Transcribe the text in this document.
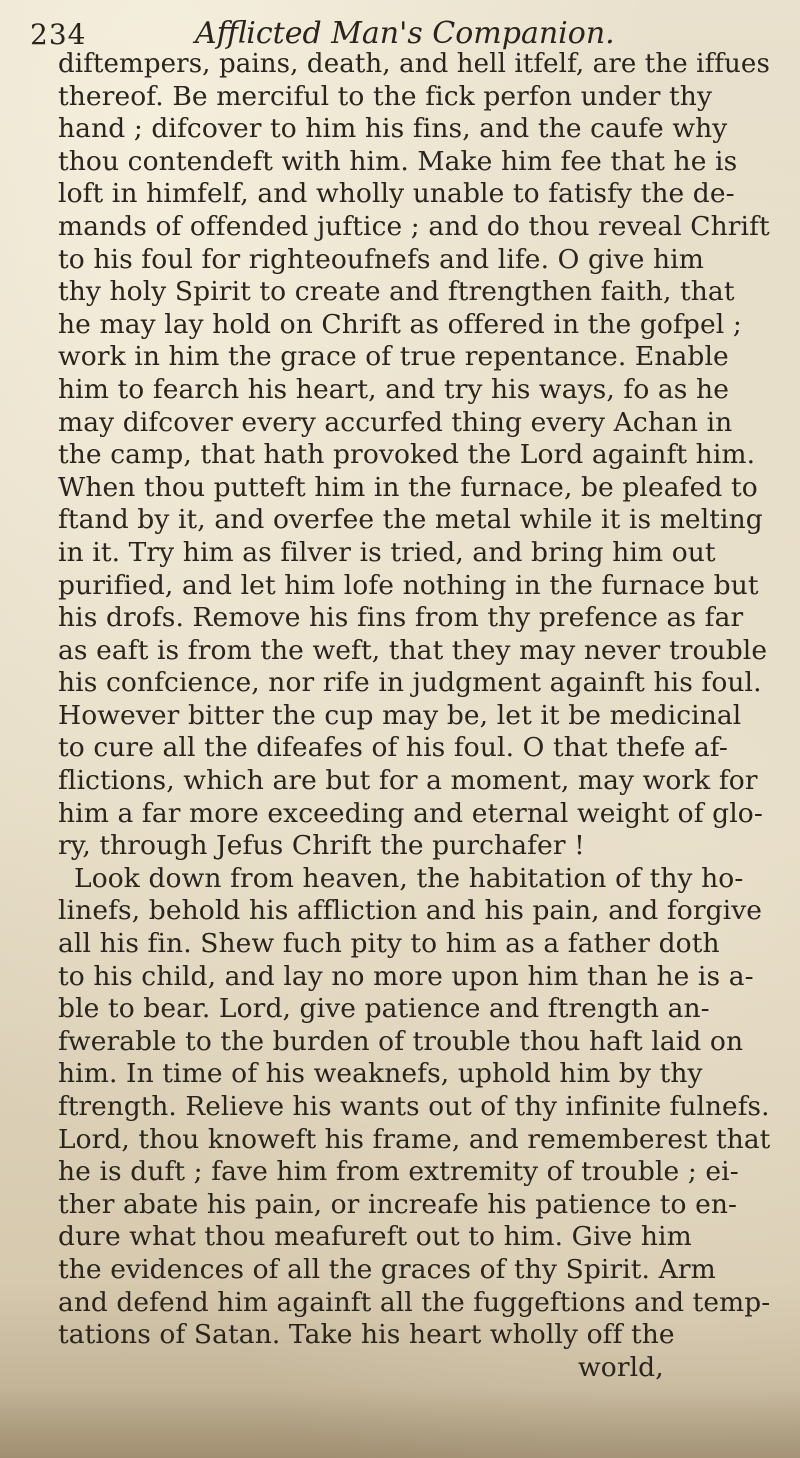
234	Afflicted Man's Companion.
diftempers, pains, death, and hell itfelf, are the iffues
thereof. Be merciful to the fick perfon under thy
hand ; difcover to him his fins, and the caufe why
thou contendeft with him. Make him fee that he is
loft in himfelf, and wholly unable to fatisfy the de-
mands of offended juftice ; and do thou reveal Chrift
to his foul for righteoufnefs and life. O give him
thy holy Spirit to create and ftrengthen faith, that
he may lay hold on Chrift as offered in the gofpel ;
work in him the grace of true repentance. Enable
him to fearch his heart, and try his ways, fo as he
may difcover every accurfed thing every Achan in
the camp, that hath provoked the Lord againft him.
When thou putteft him in the furnace, be pleafed to
ftand by it, and overfee the metal while it is melting
in it. Try him as filver is tried, and bring him out
purified, and let him lofe nothing in the furnace but
his drofs. Remove his fins from thy prefence as far
as eaft is from the weft, that they may never trouble
his confcience, nor rife in judgment againft his foul.
However bitter the cup may be, let it be medicinal
to cure all the difeafes of his foul. O that thefe af-
flictions, which are but for a moment, may work for
him a far more exceeding and eternal weight of glo-
ry, through Jefus Chrift the purchafer !
Look down from heaven, the habitation of thy ho-
linefs, behold his affliction and his pain, and forgive
all his fin. Shew fuch pity to him as a father doth
to his child, and lay no more upon him than he is a-
ble to bear. Lord, give patience and ftrength an-
fwerable to the burden of trouble thou haft laid on
him. In time of his weaknefs, uphold him by thy
ftrength. Relieve his wants out of thy infinite fulnefs.
Lord, thou knoweft his frame, and rememberest that
he is duft ; fave him from extremity of trouble ; ei-
ther abate his pain, or increafe his patience to en-
dure what thou meafureft out to him. Give him
the evidences of all the graces of thy Spirit. Arm
and defend him againft all the fuggeftions and temp-
tations of Satan. Take his heart wholly off the
world,
